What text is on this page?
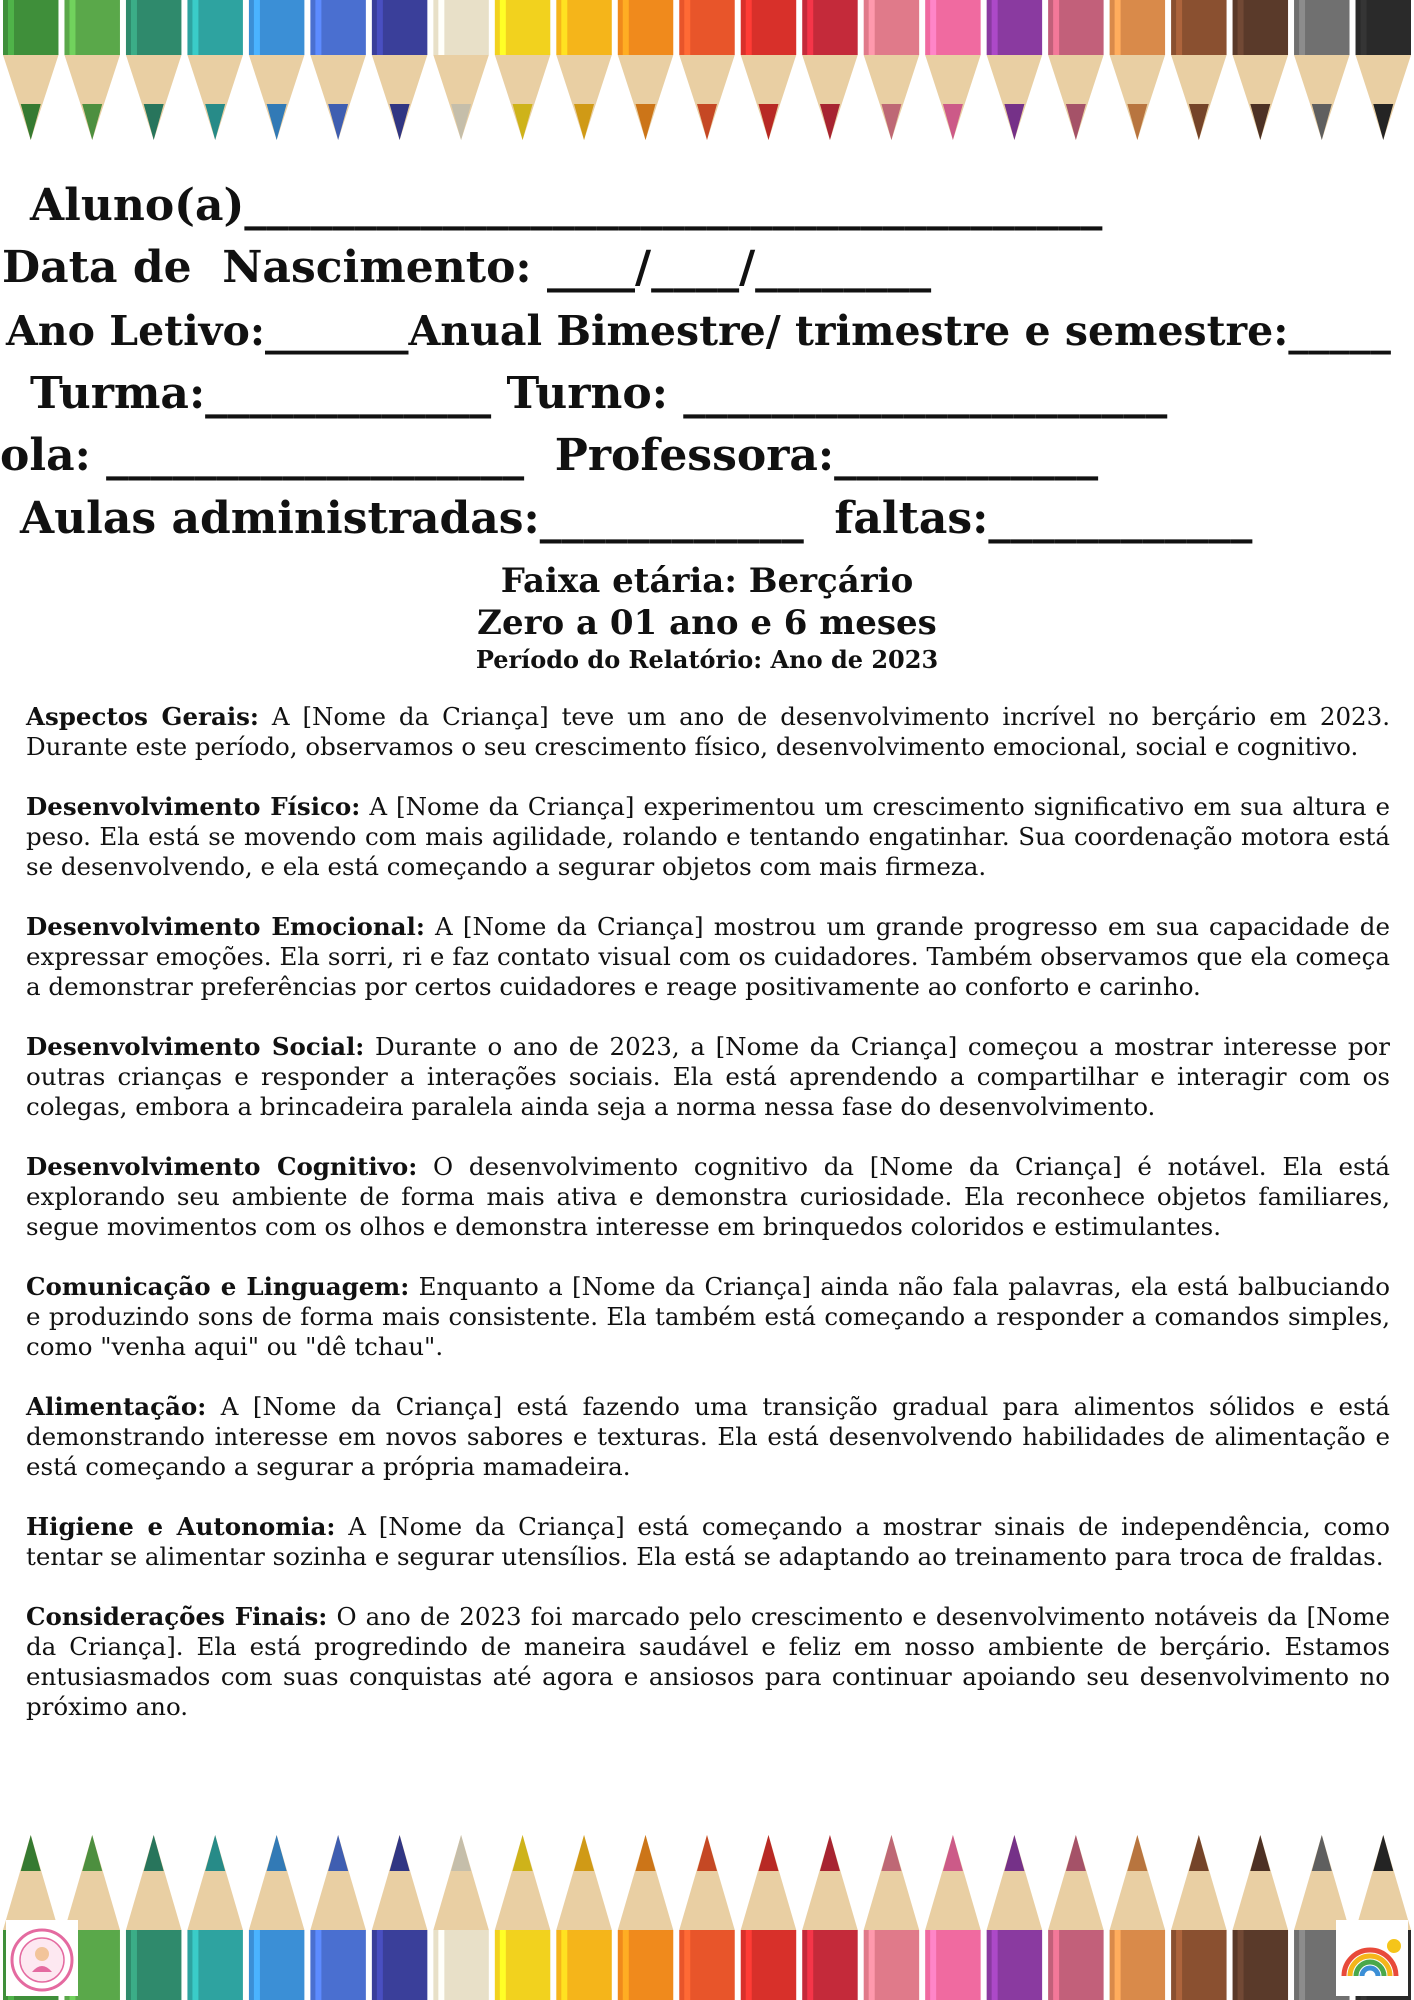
Aluno(a)_______________________________________
Data de  Nascimento: ____/____/________
Ano Letivo:_______Anual Bimestre/ trimestre e semestre:_____
Turma:_____________ Turno: ______________________
ola: ___________________  Professora:____________
Aulas administradas:____________  faltas:____________
Faixa etária: Berçário
Zero a 01 ano e 6 meses
Período do Relatório: Ano de 2023

Aspectos Gerais: A [Nome da Criança] teve um ano de desenvolvimento incrível no berçário em 2023. Durante este período, observamos o seu crescimento físico, desenvolvimento emocional, social e cognitivo.

Desenvolvimento Físico: A [Nome da Criança] experimentou um crescimento significativo em sua altura e peso. Ela está se movendo com mais agilidade, rolando e tentando engatinhar. Sua coordenação motora está se desenvolvendo, e ela está começando a segurar objetos com mais firmeza.

Desenvolvimento Emocional: A [Nome da Criança] mostrou um grande progresso em sua capacidade de expressar emoções. Ela sorri, ri e faz contato visual com os cuidadores. Também observamos que ela começa a demonstrar preferências por certos cuidadores e reage positivamente ao conforto e carinho.

Desenvolvimento Social: Durante o ano de 2023, a [Nome da Criança] começou a mostrar interesse por outras crianças e responder a interações sociais. Ela está aprendendo a compartilhar e interagir com os colegas, embora a brincadeira paralela ainda seja a norma nessa fase do desenvolvimento.

Desenvolvimento Cognitivo: O desenvolvimento cognitivo da [Nome da Criança] é notável. Ela está explorando seu ambiente de forma mais ativa e demonstra curiosidade. Ela reconhece objetos familiares, segue movimentos com os olhos e demonstra interesse em brinquedos coloridos e estimulantes.

Comunicação e Linguagem: Enquanto a [Nome da Criança] ainda não fala palavras, ela está balbuciando e produzindo sons de forma mais consistente. Ela também está começando a responder a comandos simples, como "venha aqui" ou "dê tchau".

Alimentação: A [Nome da Criança] está fazendo uma transição gradual para alimentos sólidos e está demonstrando interesse em novos sabores e texturas. Ela está desenvolvendo habilidades de alimentação e está começando a segurar a própria mamadeira.

Higiene e Autonomia: A [Nome da Criança] está começando a mostrar sinais de independência, como tentar se alimentar sozinha e segurar utensílios. Ela está se adaptando ao treinamento para troca de fraldas.

Considerações Finais: O ano de 2023 foi marcado pelo crescimento e desenvolvimento notáveis da [Nome da Criança]. Ela está progredindo de maneira saudável e feliz em nosso ambiente de berçário. Estamos entusiasmados com suas conquistas até agora e ansiosos para continuar apoiando seu desenvolvimento no próximo ano.
